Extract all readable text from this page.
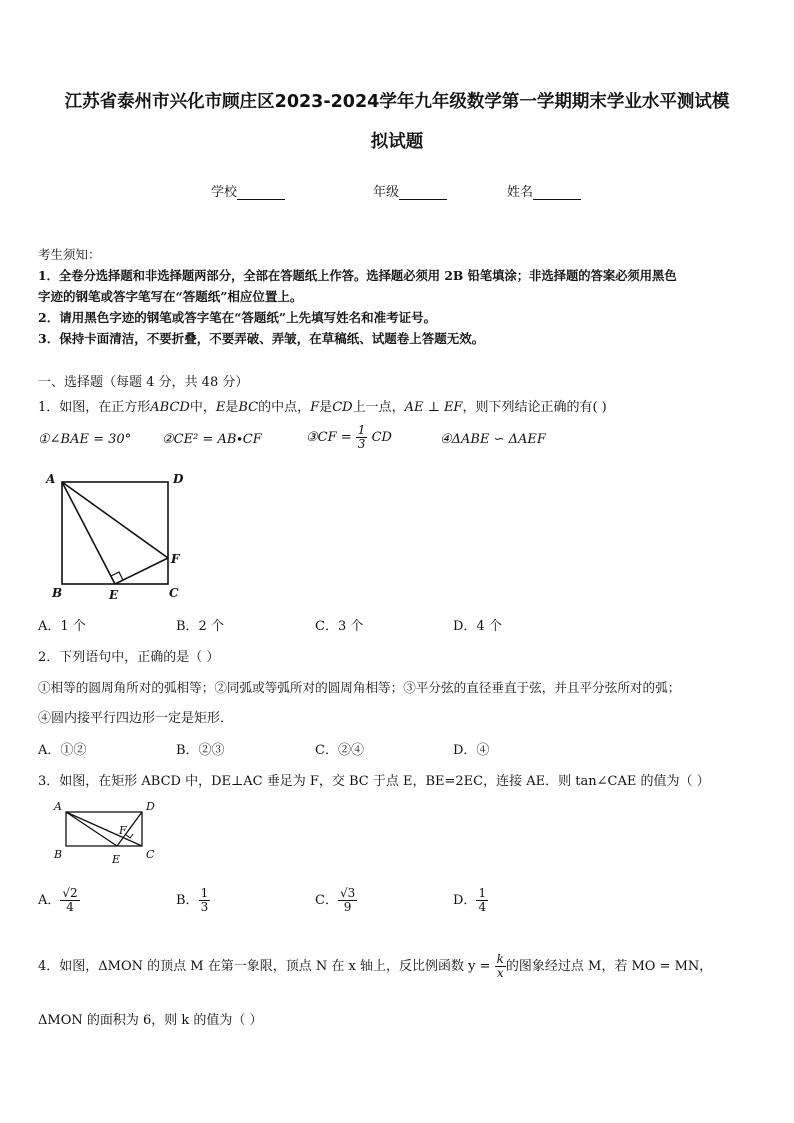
江苏省泰州市兴化市顾庄区2023-2024学年九年级数学第一学期期末学业水平测试模
拟试题
学校	年级	姓名
考生须知：
1．全卷分选择题和非选择题两部分，全部在答题纸上作答。选择题必须用 2B 铅笔填涂；非选择题的答案必须用黑色
字迹的钢笔或答字笔写在“答题纸”相应位置上。
2．请用黑色字迹的钢笔或答字笔在“答题纸”上先填写姓名和准考证号。
3．保持卡面清洁，不要折叠，不要弄破、弄皱，在草稿纸、试题卷上答题无效。
一、选择题（每题 4 分，共 48 分）
1．如图，在正方形ABCD中，E是BC的中点，F是CD上一点，AE ⊥ EF，则下列结论正确的有( )
①∠BAE = 30° ②CE² = AB∙CF	③CF = $\frac{1}{3}$ CD	④ΔABE ∽ ΔAEF
A	D
F
B	E	C
A．1 个	B．2 个	C．3 个	D．4 个
2．下列语句中，正确的是（ ）
①相等的圆周角所对的弧相等；②同弧或等弧所对的圆周角相等；③平分弦的直径垂直于弦，并且平分弦所对的弧；
④圆内接平行四边形一定是矩形．
A．①②	B．②③	C．②④	D．④
3．如图，在矩形 ABCD 中，DE⊥AC 垂足为 F，交 BC 于点 E，BE=2EC，连接 AE．则 tan∠CAE 的值为（ ）
A	D
F
B	E C
A． $\frac{√2}{4}$	B． $\frac{1}{3}$	C． $\frac{√3}{9}$	D． $\frac{1}{4}$
4．如图，ΔMON 的顶点 M 在第一象限，顶点 N 在 x 轴上，反比例函数 $y = \frac{k}{x}$ 的图象经过点 M，若 MO = MN，
ΔMON 的面积为 6，则 k 的值为（ ）
